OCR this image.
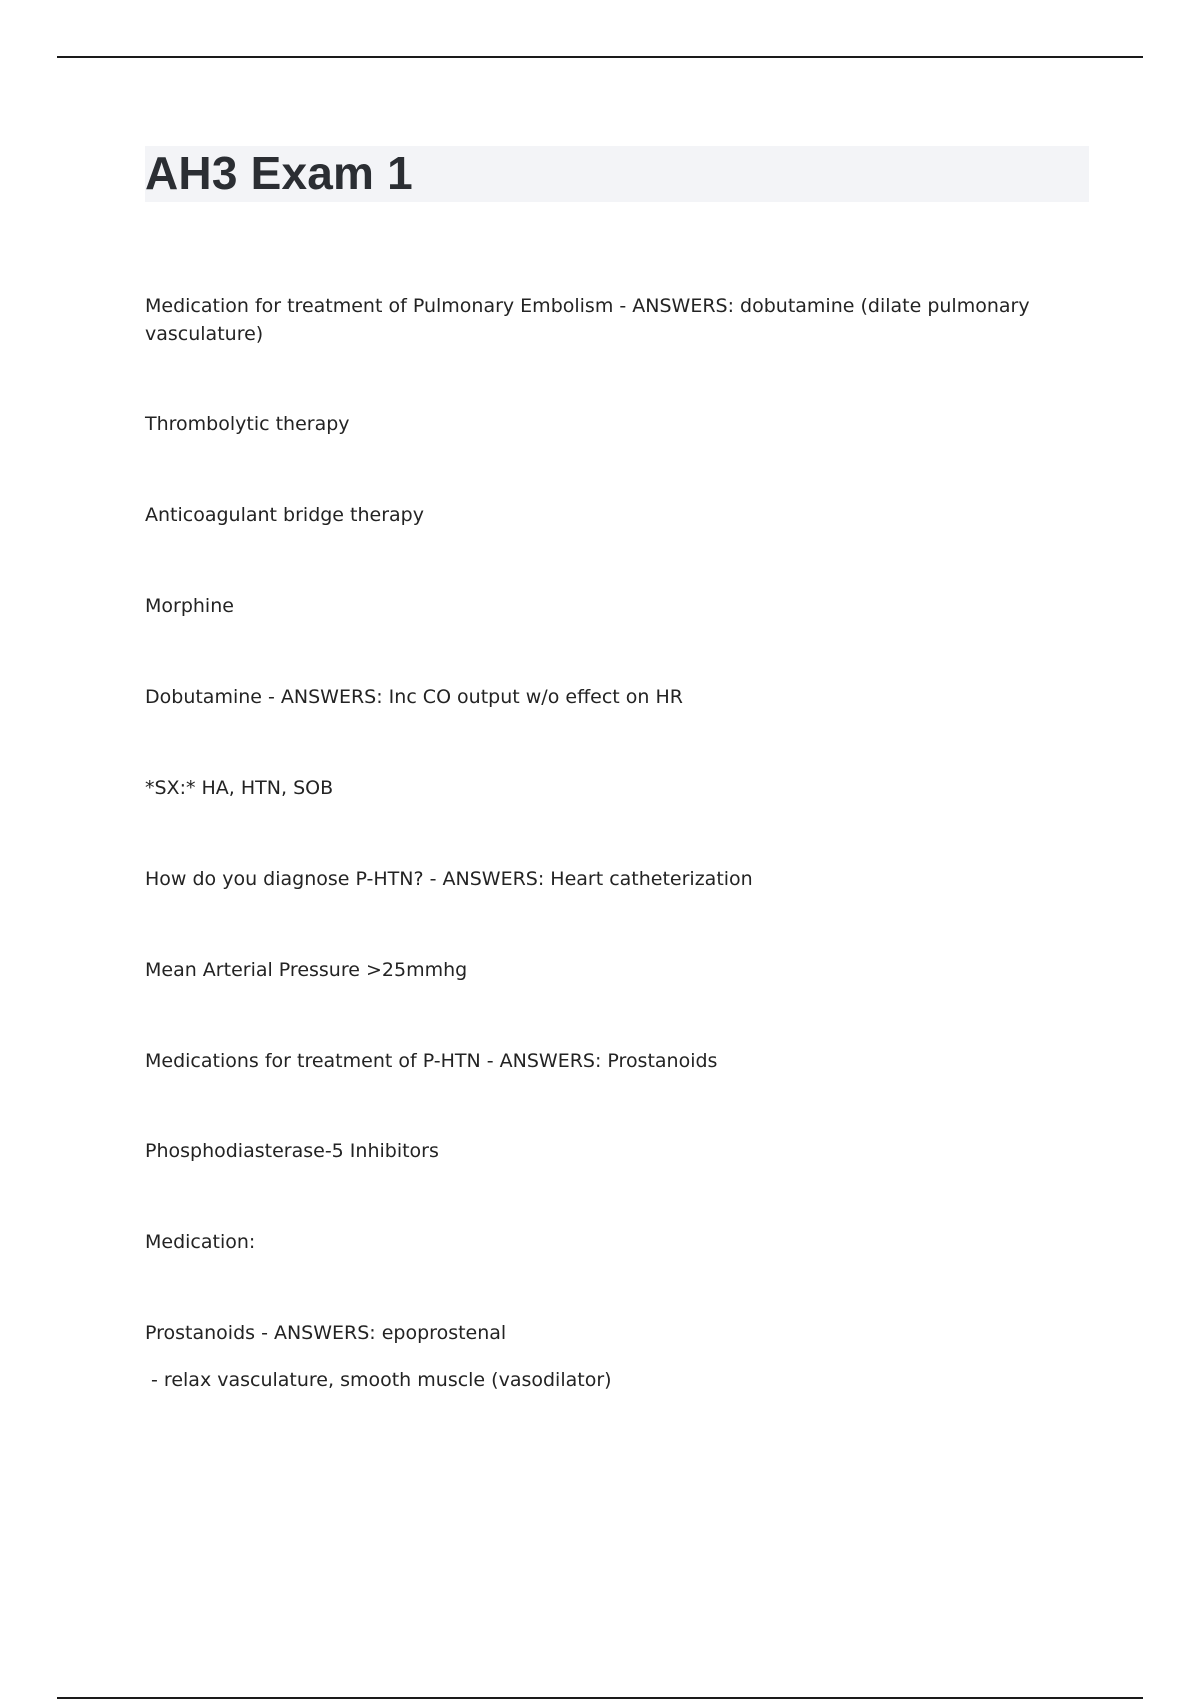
AH3 Exam 1

Medication for treatment of Pulmonary Embolism - ANSWERS: dobutamine (dilate pulmonary vasculature)

Thrombolytic therapy

Anticoagulant bridge therapy

Morphine

Dobutamine - ANSWERS: Inc CO output w/o effect on HR

*SX:* HA, HTN, SOB

How do you diagnose P-HTN? - ANSWERS: Heart catheterization

Mean Arterial Pressure >25mmhg

Medications for treatment of P-HTN - ANSWERS: Prostanoids

Phosphodiasterase-5 Inhibitors

Medication:

Prostanoids - ANSWERS: epoprostenal

- relax vasculature, smooth muscle (vasodilator)
